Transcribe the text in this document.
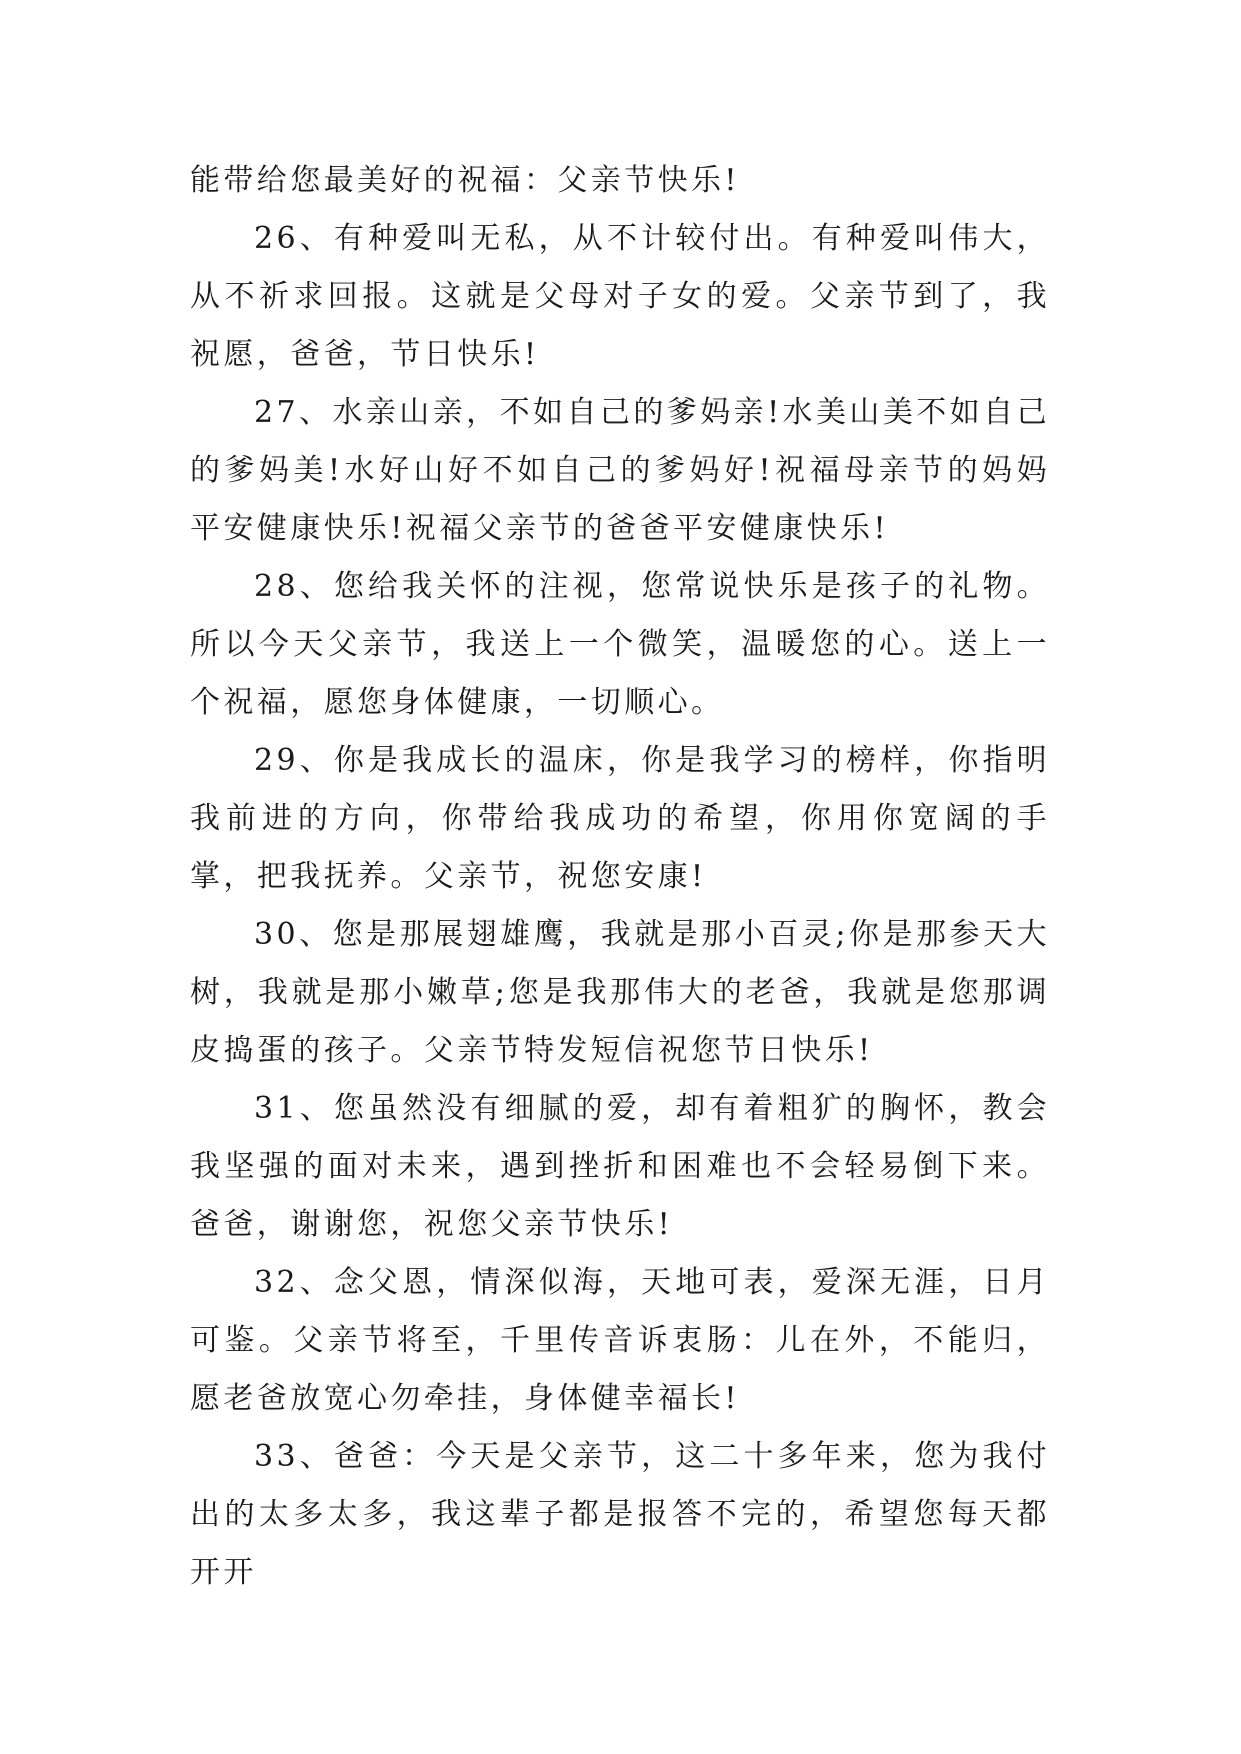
能带给您最美好的祝福：父亲节快乐!

26、有种爱叫无私，从不计较付出。有种爱叫伟大，从不祈求回报。这就是父母对子女的爱。父亲节到了，我祝愿，爸爸，节日快乐!

27、水亲山亲，不如自己的爹妈亲!水美山美不如自己的爹妈美!水好山好不如自己的爹妈好!祝福母亲节的妈妈平安健康快乐!祝福父亲节的爸爸平安健康快乐!

28、您给我关怀的注视，您常说快乐是孩子的礼物。所以今天父亲节，我送上一个微笑，温暖您的心。送上一个祝福，愿您身体健康，一切顺心。

29、你是我成长的温床，你是我学习的榜样，你指明我前进的方向，你带给我成功的希望，你用你宽阔的手掌，把我抚养。父亲节，祝您安康!

30、您是那展翅雄鹰，我就是那小百灵;你是那参天大树，我就是那小嫩草;您是我那伟大的老爸，我就是您那调皮捣蛋的孩子。父亲节特发短信祝您节日快乐!

31、您虽然没有细腻的爱，却有着粗犷的胸怀，教会我坚强的面对未来，遇到挫折和困难也不会轻易倒下来。爸爸，谢谢您，祝您父亲节快乐!

32、念父恩，情深似海，天地可表，爱深无涯，日月可鉴。父亲节将至，千里传音诉衷肠：儿在外，不能归，愿老爸放宽心勿牵挂，身体健幸福长!

33、爸爸：今天是父亲节，这二十多年来，您为我付出的太多太多，我这辈子都是报答不完的，希望您每天都开开
